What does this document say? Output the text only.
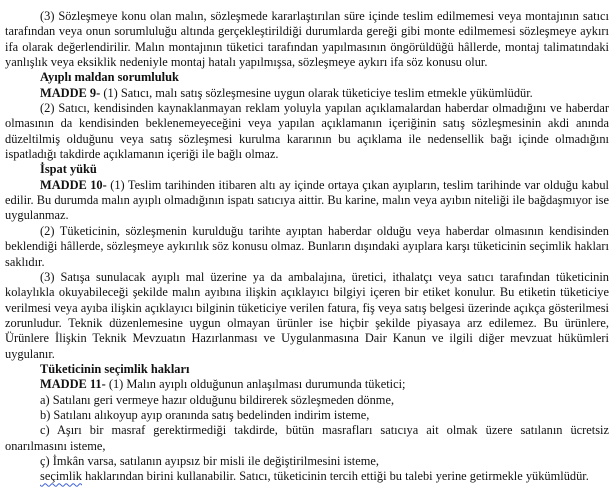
(3) Sözleşmeye konu olan malın, sözleşmede kararlaştırılan süre içinde teslim edilmemesi veya montajının satıcı tarafından veya onun sorumluluğu altında gerçekleştirildiği durumlarda gereği gibi monte edilmemesi sözleşmeye aykırı ifa olarak değerlendirilir. Malın montajının tüketici tarafından yapılmasının öngörüldüğü hâllerde, montaj talimatındaki yanlışlık veya eksiklik nedeniyle montaj hatalı yapılmışsa, sözleşmeye aykırı ifa söz konusu olur.

Ayıplı maldan sorumluluk

MADDE 9- (1) Satıcı, malı satış sözleşmesine uygun olarak tüketiciye teslim etmekle yükümlüdür.

(2) Satıcı, kendisinden kaynaklanmayan reklam yoluyla yapılan açıklamalardan haberdar olmadığını ve haberdar olmasının da kendisinden beklenemeyeceğini veya yapılan açıklamanın içeriğinin satış sözleşmesinin akdi anında düzeltilmiş olduğunu veya satış sözleşmesi kurulma kararının bu açıklama ile nedensellik bağı içinde olmadığını ispatladığı takdirde açıklamanın içeriği ile bağlı olmaz.

İspat yükü

MADDE 10- (1) Teslim tarihinden itibaren altı ay içinde ortaya çıkan ayıpların, teslim tarihinde var olduğu kabul edilir. Bu durumda malın ayıplı olmadığının ispatı satıcıya aittir. Bu karine, malın veya ayıbın niteliği ile bağdaşmıyor ise uygulanmaz.

(2) Tüketicinin, sözleşmenin kurulduğu tarihte ayıptan haberdar olduğu veya haberdar olmasının kendisinden beklendiği hâllerde, sözleşmeye aykırılık söz konusu olmaz. Bunların dışındaki ayıplara karşı tüketicinin seçimlik hakları saklıdır.

(3) Satışa sunulacak ayıplı mal üzerine ya da ambalajına, üretici, ithalatçı veya satıcı tarafından tüketicinin kolaylıkla okuyabileceği şekilde malın ayıbına ilişkin açıklayıcı bilgiyi içeren bir etiket konulur. Bu etiketin tüketiciye verilmesi veya ayıba ilişkin açıklayıcı bilginin tüketiciye verilen fatura, fiş veya satış belgesi üzerinde açıkça gösterilmesi zorunludur. Teknik düzenlemesine uygun olmayan ürünler ise hiçbir şekilde piyasaya arz edilemez. Bu ürünlere, Ürünlere İlişkin Teknik Mevzuatın Hazırlanması ve Uygulanmasına Dair Kanun ve ilgili diğer mevzuat hükümleri uygulanır.

Tüketicinin seçimlik hakları

MADDE 11- (1) Malın ayıplı olduğunun anlaşılması durumunda tüketici;

a) Satılanı geri vermeye hazır olduğunu bildirerek sözleşmeden dönme,

b) Satılanı alıkoyup ayıp oranında satış bedelinden indirim isteme,

c) Aşırı bir masraf gerektirmediği takdirde, bütün masrafları satıcıya ait olmak üzere satılanın ücretsiz onarılmasını isteme,

ç) İmkân varsa, satılanın ayıpsız bir misli ile değiştirilmesini isteme,

seçimlik haklarından birini kullanabilir. Satıcı, tüketicinin tercih ettiği bu talebi yerine getirmekle yükümlüdür.
